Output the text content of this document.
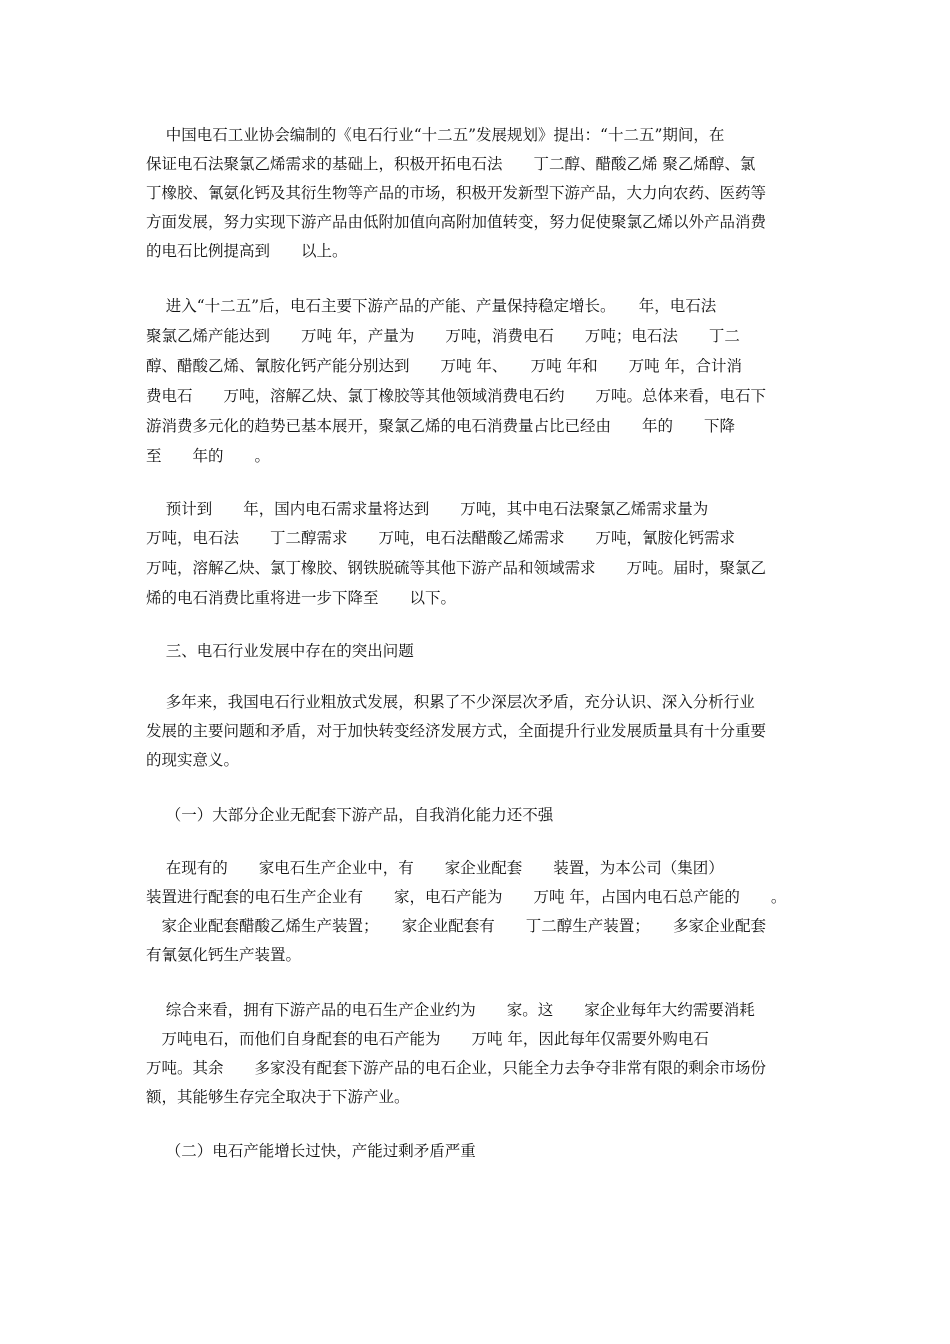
中国电石工业协会编制的《电石行业“十二五”发展规划》提出：“十二五”期间，在
保证电石法聚氯乙烯需求的基础上，积极开拓电石法　　丁二醇、醋酸乙烯 聚乙烯醇、氯
丁橡胶、氰氨化钙及其衍生物等产品的市场，积极开发新型下游产品，大力向农药、医药等
方面发展，努力实现下游产品由低附加值向高附加值转变，努力促使聚氯乙烯以外产品消费
的电石比例提高到　　以上。
进入“十二五”后，电石主要下游产品的产能、产量保持稳定增长。　　年，电石法
聚氯乙烯产能达到　　万吨 年，产量为　　万吨，消费电石　　万吨；电石法　　丁二
醇、醋酸乙烯、氰胺化钙产能分别达到　　万吨 年、　　万吨 年和　　万吨 年，合计消
费电石　　万吨，溶解乙炔、氯丁橡胶等其他领域消费电石约　　万吨。总体来看，电石下
游消费多元化的趋势已基本展开，聚氯乙烯的电石消费量占比已经由　　年的　　下降
至　　年的　　。
预计到　　年，国内电石需求量将达到　　万吨，其中电石法聚氯乙烯需求量为
万吨，电石法　　丁二醇需求　　万吨，电石法醋酸乙烯需求　　万吨，氰胺化钙需求
万吨，溶解乙炔、氯丁橡胶、钢铁脱硫等其他下游产品和领域需求　　万吨。届时，聚氯乙
烯的电石消费比重将进一步下降至　　以下。
三、电石行业发展中存在的突出问题
多年来，我国电石行业粗放式发展，积累了不少深层次矛盾，充分认识、深入分析行业
发展的主要问题和矛盾，对于加快转变经济发展方式，全面提升行业发展质量具有十分重要
的现实意义。
（一）大部分企业无配套下游产品，自我消化能力还不强
在现有的　　家电石生产企业中，有　　家企业配套　　装置，为本公司（集团）
装置进行配套的电石生产企业有　　家，电石产能为　　万吨 年，占国内电石总产能的　　。
　家企业配套醋酸乙烯生产装置；　　家企业配套有　　丁二醇生产装置；　　多家企业配套
有氰氨化钙生产装置。
综合来看，拥有下游产品的电石生产企业约为　　家。这　　家企业每年大约需要消耗
　万吨电石，而他们自身配套的电石产能为　　万吨 年，因此每年仅需要外购电石
万吨。其余　　多家没有配套下游产品的电石企业，只能全力去争夺非常有限的剩余市场份
额，其能够生存完全取决于下游产业。
（二）电石产能增长过快，产能过剩矛盾严重
